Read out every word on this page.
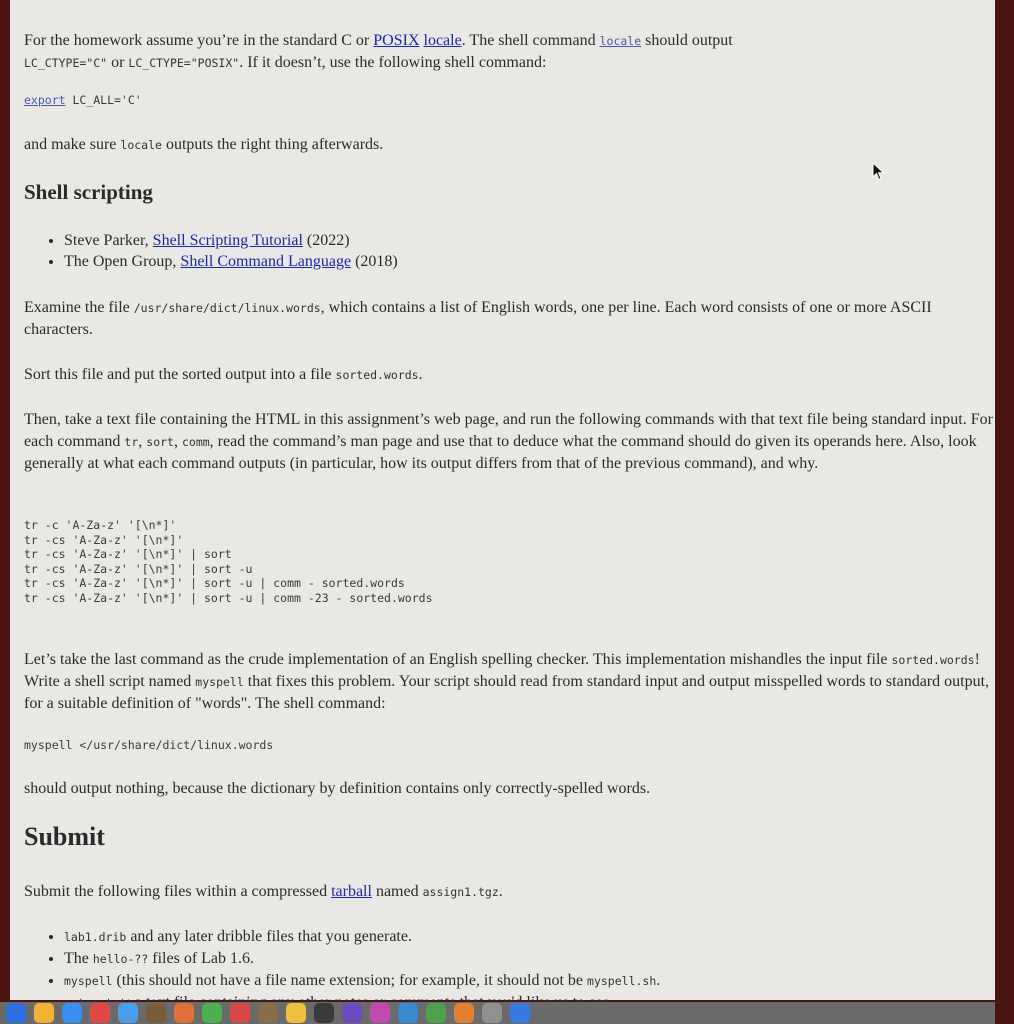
For the homework assume you’re in the standard C or POSIX locale. The shell command locale should output
LC_CTYPE="C" or LC_CTYPE="POSIX". If it doesn’t, use the following shell command:

export LC_ALL='C'

and make sure locale outputs the right thing afterwards.

Shell scripting
• Steve Parker, Shell Scripting Tutorial (2022)
• The Open Group, Shell Command Language (2018)

Examine the file /usr/share/dict/linux.words, which contains a list of English words, one per line. Each word consists of one or more ASCII characters.

Sort this file and put the sorted output into a file sorted.words.

Then, take a text file containing the HTML in this assignment’s web page, and run the following commands with that text file being standard input. For each command tr, sort, comm, read the command’s man page and use that to deduce what the command should do given its operands here. Also, look generally at what each command outputs (in particular, how its output differs from that of the previous command), and why.

tr -c 'A-Za-z' '[\n*]'
tr -cs 'A-Za-z' '[\n*]'
tr -cs 'A-Za-z' '[\n*]' | sort
tr -cs 'A-Za-z' '[\n*]' | sort -u
tr -cs 'A-Za-z' '[\n*]' | sort -u | comm - sorted.words
tr -cs 'A-Za-z' '[\n*]' | sort -u | comm -23 - sorted.words

Let’s take the last command as the crude implementation of an English spelling checker. This implementation mishandles the input file sorted.words! Write a shell script named myspell that fixes this problem. Your script should read from standard input and output misspelled words to standard output, for a suitable definition of "words". The shell command:

myspell </usr/share/dict/linux.words

should output nothing, because the dictionary by definition contains only correctly-spelled words.

Submit

Submit the following files within a compressed tarball named assign1.tgz.

• lab1.drib and any later dribble files that you generate.
• The hello-?? files of Lab 1.6.
• myspell (this should not have a file name extension; for example, it should not be myspell.sh.
•
